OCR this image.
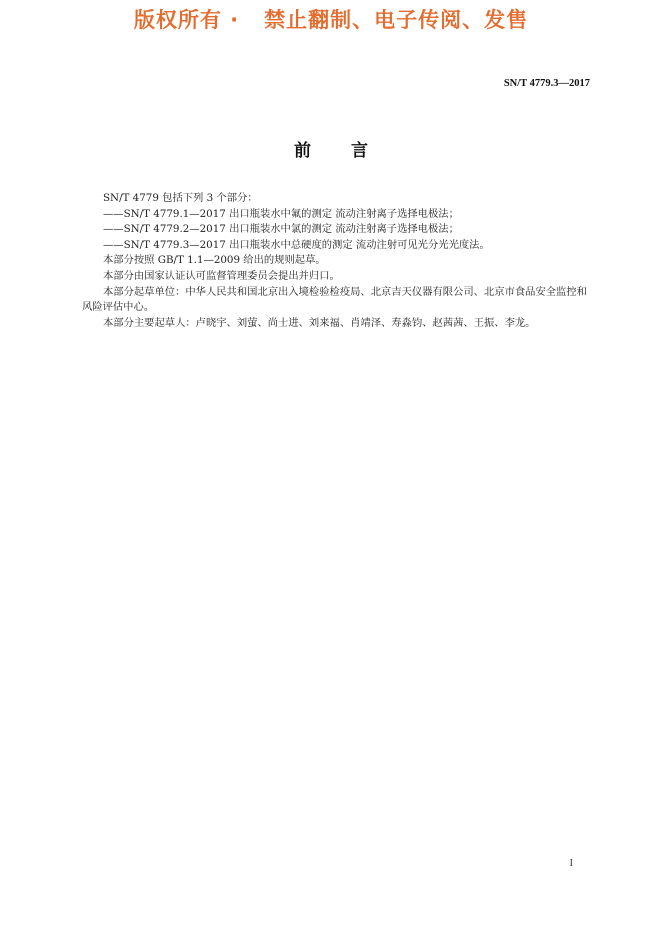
版权所有 ·   禁止翻制、电子传阅、发售
SN/T 4779.3—2017
前 言

SN/T 4779 包括下列 3 个部分：

——SN/T 4779.1—2017 出口瓶装水中氟的测定 流动注射离子选择电极法；

——SN/T 4779.2—2017 出口瓶装水中氯的测定 流动注射离子选择电极法；

——SN/T 4779.3—2017 出口瓶装水中总硬度的测定 流动注射可见光分光光度法。

本部分按照 GB/T 1.1—2009 给出的规则起草。

本部分由国家认证认可监督管理委员会提出并归口。

本部分起草单位：中华人民共和国北京出入境检验检疫局、北京吉天仪器有限公司、北京市食品安全监控和风险评估中心。

本部分主要起草人：卢晓宇、刘萤、尚士进、刘来福、肖靖泽、寿淼钧、赵茜茜、王振、李龙。

I
